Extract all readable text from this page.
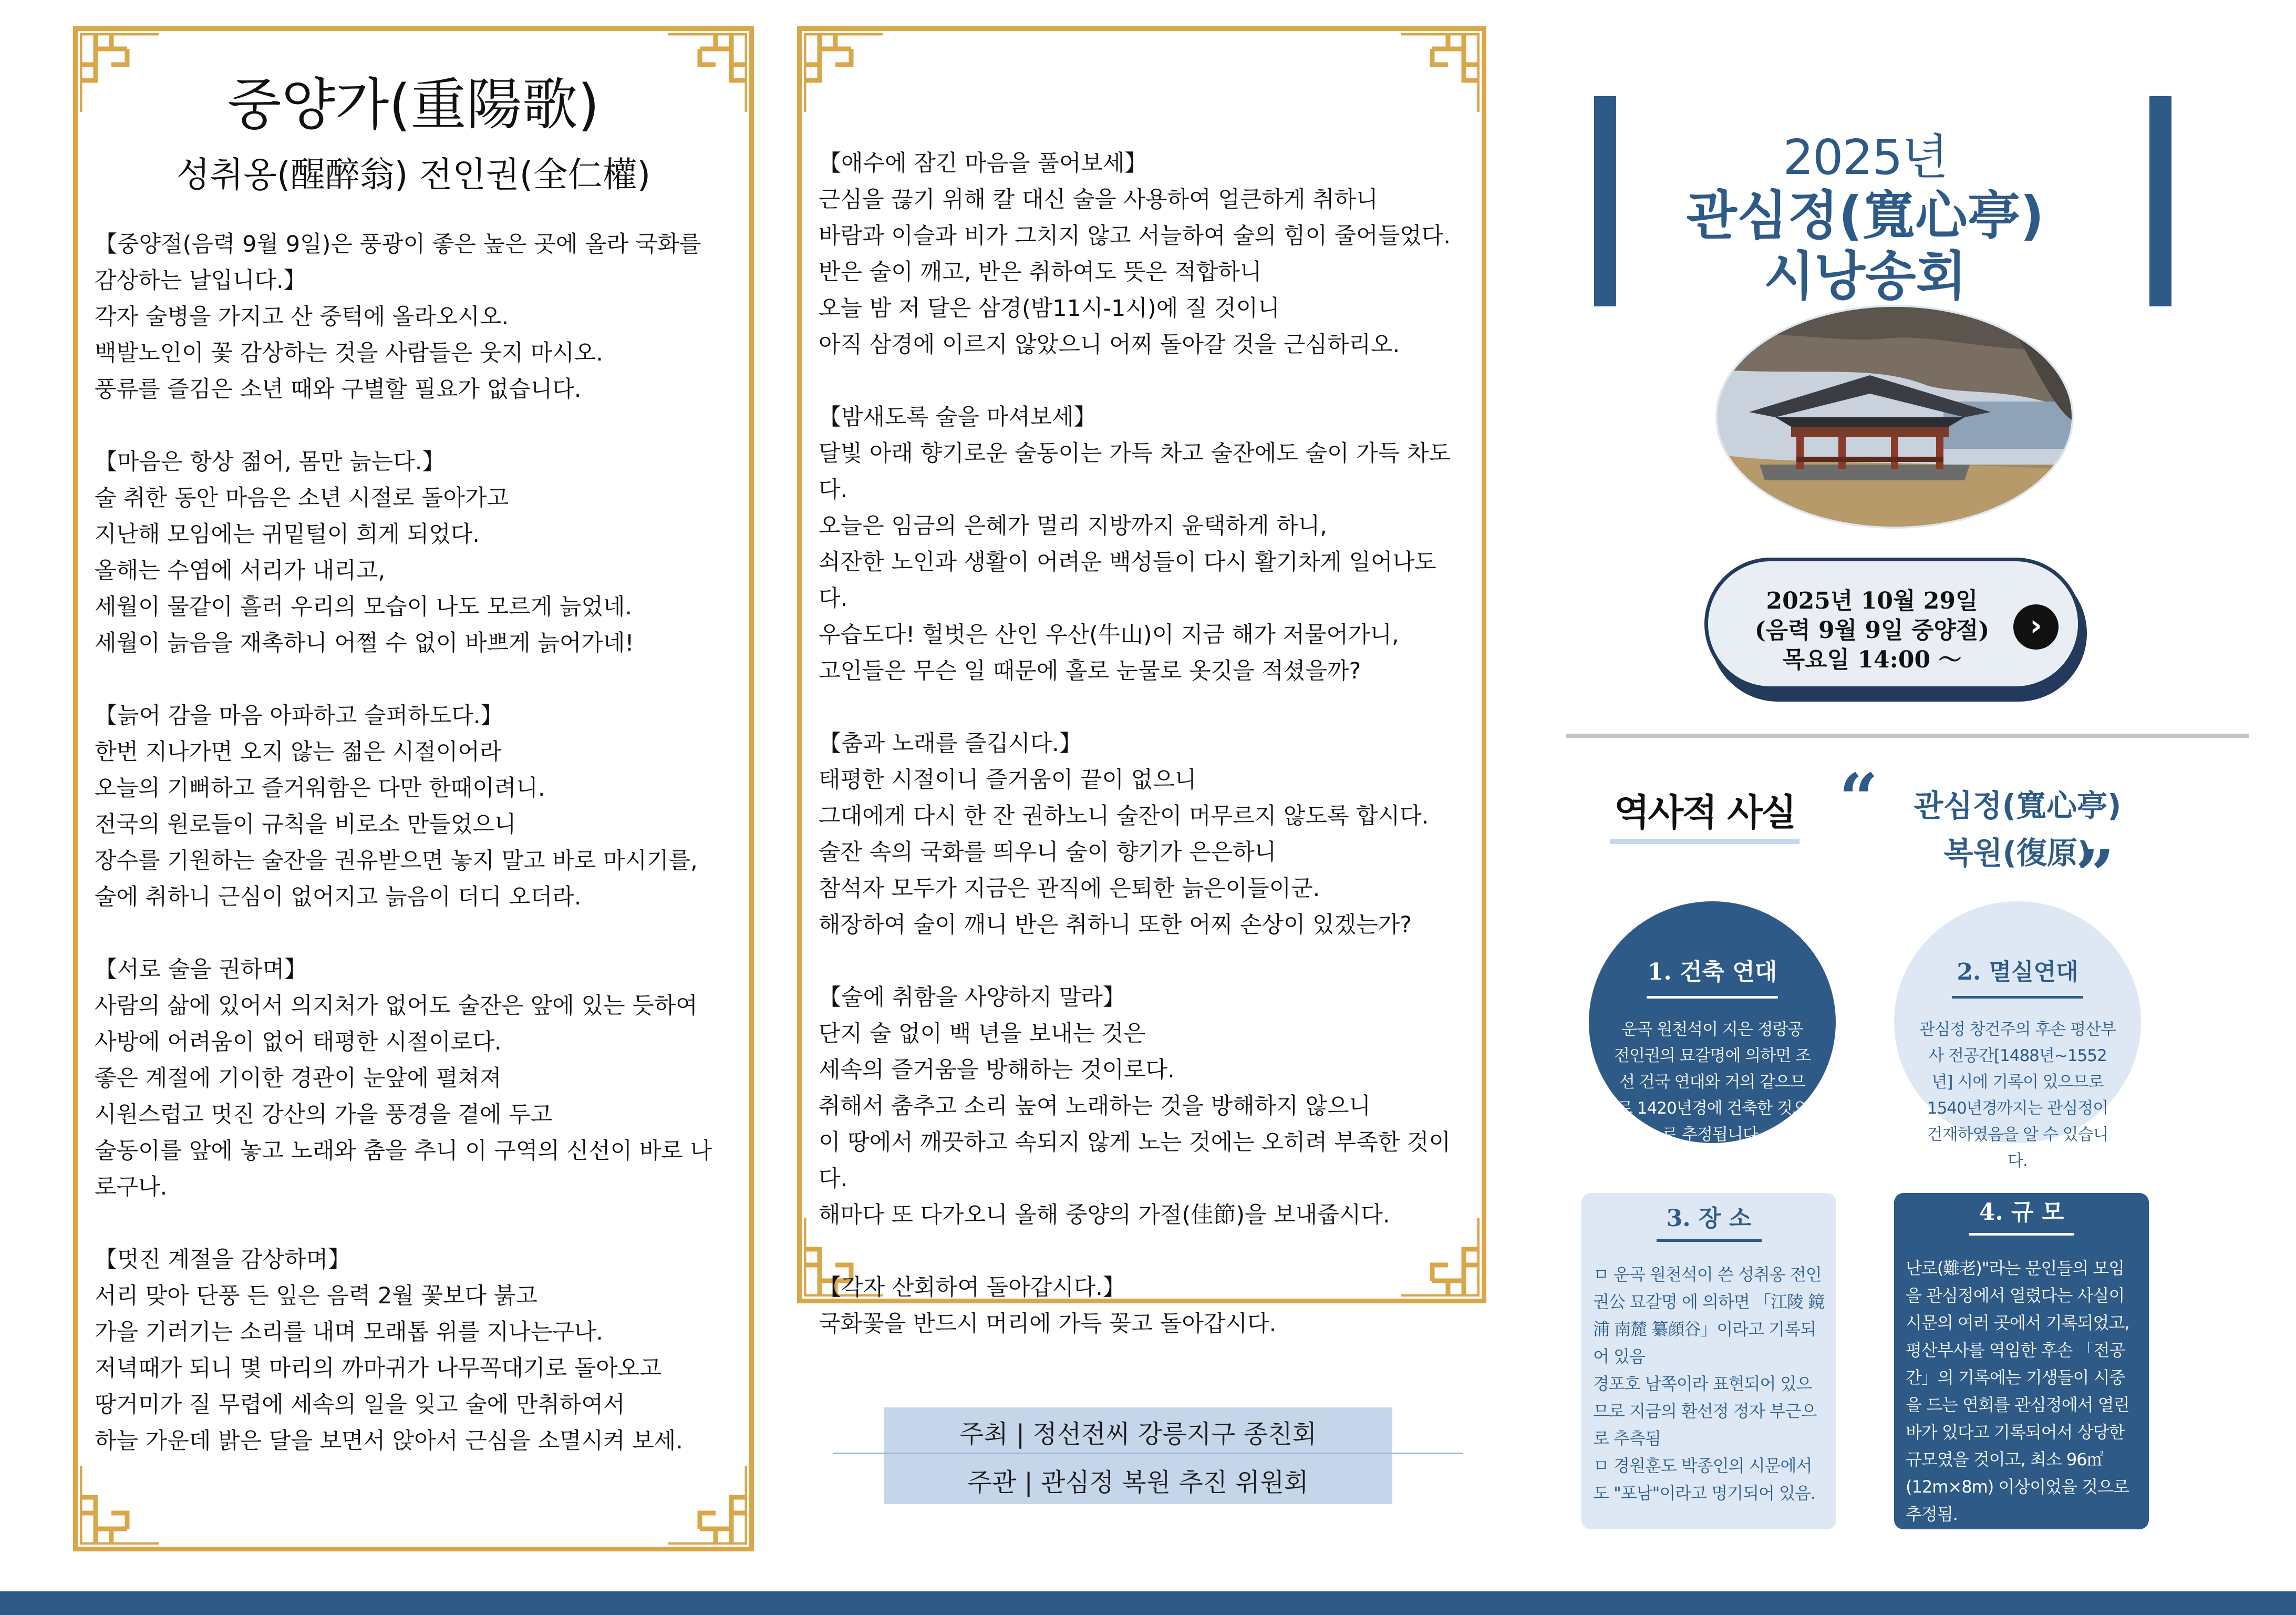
중양가(重陽歌)
성취옹(醒醉翁) 전인권(全仁權)
【중양절(음력 9월 9일)은 풍광이 좋은 높은 곳에 올라 국화를
감상하는 날입니다.】
각자 술병을 가지고 산 중턱에 올라오시오.
백발노인이 꽃 감상하는 것을 사람들은 웃지 마시오.
풍류를 즐김은 소년 때와 구별할 필요가 없습니다.

【마음은 항상 젊어, 몸만 늙는다.】
술 취한 동안 마음은 소년 시절로 돌아가고
지난해 모임에는 귀밑털이 희게 되었다.
올해는 수염에 서리가 내리고,
세월이 물같이 흘러 우리의 모습이 나도 모르게 늙었네.
세월이 늙음을 재촉하니 어쩔 수 없이 바쁘게 늙어가네!

【늙어 감을 마음 아파하고 슬퍼하도다.】
한번 지나가면 오지 않는 젊은 시절이어라
오늘의 기뻐하고 즐거워함은 다만 한때이려니.
전국의 원로들이 규칙을 비로소 만들었으니
장수를 기원하는 술잔을 권유받으면 놓지 말고 바로 마시기를,
술에 취하니 근심이 없어지고 늙음이 더디 오더라.

【서로 술을 권하며】
사람의 삶에 있어서 의지처가 없어도 술잔은 앞에 있는 듯하여
사방에 어려움이 없어 태평한 시절이로다.
좋은 계절에 기이한 경관이 눈앞에 펼쳐져
시원스럽고 멋진 강산의 가을 풍경을 곁에 두고
술동이를 앞에 놓고 노래와 춤을 추니 이 구역의 신선이 바로 나
로구나.

【멋진 계절을 감상하며】
서리 맞아 단풍 든 잎은 음력 2월 꽃보다 붉고
가을 기러기는 소리를 내며 모래톱 위를 지나는구나.
저녁때가 되니 몇 마리의 까마귀가 나무꼭대기로 돌아오고
땅거미가 질 무렵에 세속의 일을 잊고 술에 만취하여서
하늘 가운데 밝은 달을 보면서 앉아서 근심을 소멸시켜 보세.
【애수에 잠긴 마음을 풀어보세】
근심을 끊기 위해 칼 대신 술을 사용하여 얼큰하게 취하니
바람과 이슬과 비가 그치지 않고 서늘하여 술의 힘이 줄어들었다.
반은 술이 깨고, 반은 취하여도 뜻은 적합하니
오늘 밤 저 달은 삼경(밤11시-1시)에 질 것이니
아직 삼경에 이르지 않았으니 어찌 돌아갈 것을 근심하리오.

【밤새도록 술을 마셔보세】
달빛 아래 향기로운 술동이는 가득 차고 술잔에도 술이 가득 차도다.
오늘은 임금의 은혜가 멀리 지방까지 윤택하게 하니,
쇠잔한 노인과 생활이 어려운 백성들이 다시 활기차게 일어나도다.
우습도다! 헐벗은 산인 우산(牛山)이 지금 해가 저물어가니,
고인들은 무슨 일 때문에 홀로 눈물로 옷깃을 적셨을까?

【춤과 노래를 즐깁시다.】
태평한 시절이니 즐거움이 끝이 없으니
그대에게 다시 한 잔 권하노니 술잔이 머무르지 않도록 합시다.
술잔 속의 국화를 띄우니 술이 향기가 은은하니
참석자 모두가 지금은 관직에 은퇴한 늙은이들이군.
해장하여 술이 깨니 반은 취하니 또한 어찌 손상이 있겠는가?

【술에 취함을 사양하지 말라】
단지 술 없이 백 년을 보내는 것은
세속의 즐거움을 방해하는 것이로다.
취해서 춤추고 소리 높여 노래하는 것을 방해하지 않으니
이 땅에서 깨끗하고 속되지 않게 노는 것에는 오히려 부족한 것이다.
해마다 또 다가오니 올해 중양의 가절(佳節)을 보내줍시다.

【각자 산회하여 돌아갑시다.】
국화꽃을 반드시 머리에 가득 꽂고 돌아갑시다.
주최 | 정선전씨 강릉지구 종친회
주관 | 관심정 복원 추진 위원회
2025년
관심정(寬心亭)
시낭송회
2025년 10월 29일
(음력 9월 9일 중양절)
목요일 14:00 ～
›
역사적 사실 “	관심정(寬心亭)
복원(復原)
”
1. 건축 연대
운곡 원천석이 지은 정랑공 전인권의 묘갈명에 의하면 조선 건국 연대와 거의 같으므로 1420년경에 건축한 것으로 추정됩니다.
2. 멸실연대
관심정 창건주의 후손 평산부사 전공간[1488년~1552년] 시에 기록이 있으므로 1540년경까지는 관심정이 건재하였음을 알 수 있습니다.
3. 장 소
ㅁ 운곡 원천석이 쓴 성취옹 전인권公 묘갈명 에 의하면 「江陵 鏡浦 南麓 纂顔谷」이라고 기록되어 있음
경포호 남쪽이라 표현되어 있으므로 지금의 환선정 정자 부근으로 추측됨
ㅁ 경원훈도 박종인의 시문에서도 "포남"이라고 명기되어 있음.
4. 규 모
난로(難老)"라는 문인들의 모임을 관심정에서 열렸다는 사실이 시문의 여러 곳에서 기록되었고, 평산부사를 역임한 후손 「전공간」의 기록에는 기생들이 시중을 드는 연회를 관심정에서 열린 바가 있다고 기록되어서 상당한 규모였을 것이고, 최소 96㎡(12m×8m) 이상이었을 것으로 추정됨.
